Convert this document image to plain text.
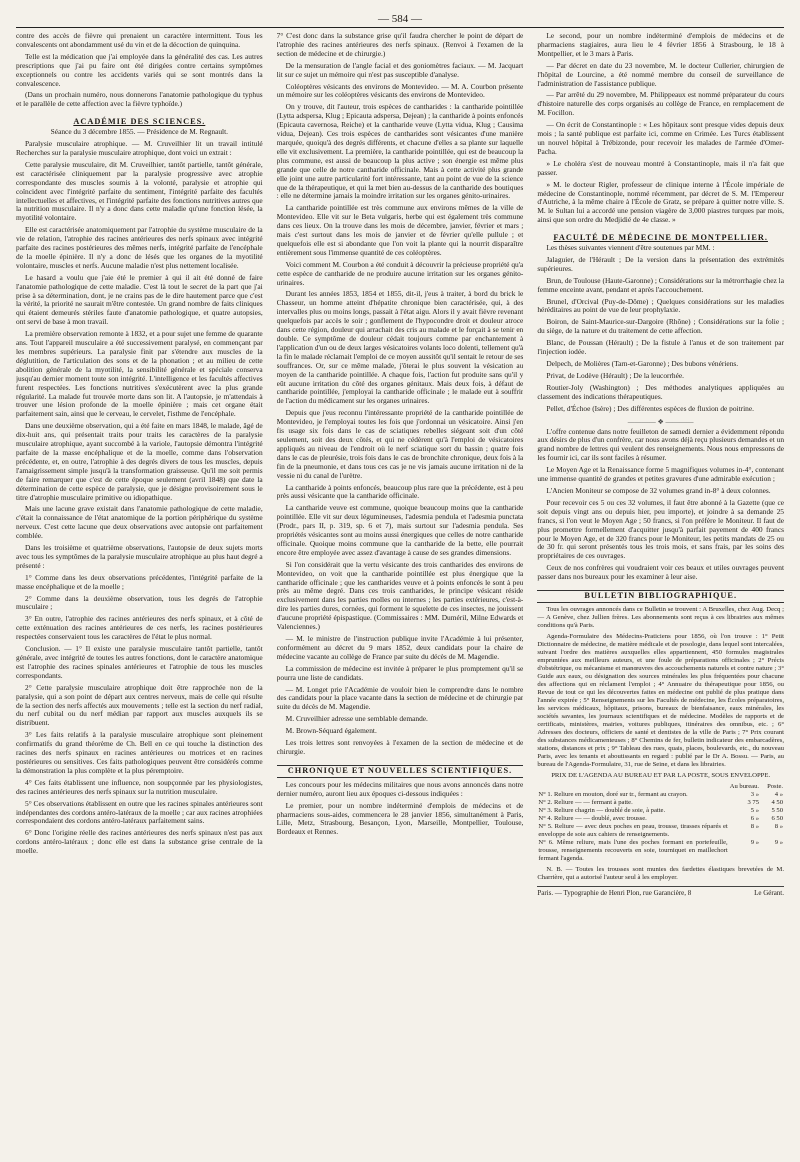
— 584 —

contre des accès de fièvre qui prenaient un caractère intermittent. Tous les convalescents ont abondamment usé du vin et de la décoction de quinquina.

Telle est la médication que j'ai employée dans la généralité des cas. Les autres prescriptions que j'ai pu faire ont été dirigées contre certains symptômes exceptionnels ou contre les accidents variés qui se sont montrés dans la convalescence.

(Dans un prochain numéro, nous donnerons l'anatomie pathologique du typhus et le parallèle de cette affection avec la fièvre typhoïde.)

ACADÉMIE DES SCIENCES.

Séance du 3 décembre 1855. — Présidence de M. Regnault.

Paralysie musculaire atrophique. — M. Cruveilhier lit un travail intitulé Recherches sur la paralysie musculaire atrophique, dont voici un extrait :

Cette paralysie musculaire, dit M. Cruveilhier, tantôt partielle, tantôt générale, est caractérisée cliniquement par la paralysie progressive avec atrophie correspondante des muscles soumis à la volonté, paralysie et atrophie qui coïncident avec l'intégrité parfaite du sentiment, l'intégrité parfaite des facultés intellectuelles et affectives, et l'intégrité parfaite des fonctions nutritives autres que la nutrition musculaire. Il n'y a donc dans cette maladie qu'une fonction lésée, la myotilité volontaire.

Elle est caractérisée anatomiquement par l'atrophie du système musculaire de la vie de relation, l'atrophie des racines antérieures des nerfs spinaux avec intégrité parfaite des racines postérieures des mêmes nerfs, intégrité parfaite de l'encéphale de la moelle épinière. Il n'y a donc de lésés que les organes de la myotilité volontaire, muscles et nerfs. Aucune maladie n'est plus nettement localisée.

Le hasard a voulu que j'aie été le premier à qui il ait été donné de faire l'anatomie pathologique de cette maladie. C'est là tout le secret de la part que j'ai prise à sa détermination, dont, je ne crains pas de le dire hautement parce que c'est la vérité, la priorité ne saurait m'être contestée. Un grand nombre de faits cliniques qui étaient demeurés stériles faute d'anatomie pathologique, et quatre autopsies, ont servi de base à mon travail.

La première observation remonte à 1832, et a pour sujet une femme de quarante ans. Tout l'appareil musculaire a été successivement paralysé, en commençant par les membres supérieurs. La paralysie finit par s'étendre aux muscles de la déglutition, de l'articulation des sons et de la phonation ; et au milieu de cette abolition générale de la myotilité, la sensibilité générale et spéciale conserva jusqu'au dernier moment toute son intégrité. L'intelligence et les facultés affectives furent respectées. Les fonctions nutritives s'exécutèrent avec la plus grande régularité. La malade fut trouvée morte dans son lit. A l'autopsie, je m'attendais à trouver une lésion profonde de la moelle épinière ; mais cet organe était parfaitement sain, ainsi que le cerveau, le cervelet, l'isthme de l'encéphale.

Dans une deuxième observation, qui a été faite en mars 1848, le malade, âgé de dix-huit ans, qui présentait traits pour traits les caractères de la paralysie musculaire atrophique, ayant succombé à la variole, l'autopsie démontra l'intégrité parfaite de la masse encéphalique et de la moelle, comme dans l'observation précédente, et, en outre, l'atrophie à des degrés divers de tous les muscles, depuis l'amaigrissement simple jusqu'à la transformation graisseuse. Qu'il me soit permis de faire remarquer que c'est de cette époque seulement (avril 1848) que date la détermination de cette espèce de paralysie, que je désigne provisoirement sous le titre d'atrophie musculaire primitive ou idiopathique.

Mais une lacune grave existait dans l'anatomie pathologique de cette maladie, c'était la connaissance de l'état anatomique de la portion périphérique du système nerveux. C'est cette lacune que deux observations avec autopsie ont parfaitement comblée.

Dans les troisième et quatrième observations, l'autopsie de deux sujets morts avec tous les symptômes de la paralysie musculaire atrophique au plus haut degré a présenté :

1° Comme dans les deux observations précédentes, l'intégrité parfaite de la masse encéphalique et de la moelle ;

2° Comme dans la deuxième observation, tous les degrés de l'atrophie musculaire ;

3° En outre, l'atrophie des racines antérieures des nerfs spinaux, et à côté de cette exténuation des racines antérieures de ces nerfs, les racines postérieures respectées conservaient tous les caractères de l'état le plus normal.

Conclusion. — 1° Il existe une paralysie musculaire tantôt partielle, tantôt générale, avec intégrité de toutes les autres fonctions, dont le caractère anatomique est l'atrophie des racines spinales antérieures et l'atrophie de tous les muscles correspondants.

2° Cette paralysie musculaire atrophique doit être rapprochée non de la paralysie, qui a son point de départ aux centres nerveux, mais de celle qui résulte de la section des nerfs affectés aux mouvements ; telle est la section du nerf radial, du nerf cubital ou du nerf médian par rapport aux muscles auxquels ils se distribuent.

3° Les faits relatifs à la paralysie musculaire atrophique sont pleinement confirmatifs du grand théorème de Ch. Bell en ce qui touche la distinction des racines des nerfs spinaux en racines antérieures ou motrices et en racines postérieures ou sensitives. Ces faits pathologiques peuvent être considérés comme la démonstration la plus complète et la plus péremptoire.

4° Ces faits établissent une influence, non soupçonnée par les physiologistes, des racines antérieures des nerfs spinaux sur la nutrition musculaire.

5° Ces observations établissent en outre que les racines spinales antérieures sont indépendantes des cordons antéro-latéraux de la moelle ; car aux racines atrophiées correspondaient des cordons antéro-latéraux parfaitement sains.

6° Donc l'origine réelle des racines antérieures des nerfs spinaux n'est pas aux cordons antéro-latéraux ; donc elle est dans la substance grise centrale de la moelle.

7° C'est donc dans la substance grise qu'il faudra chercher le point de départ de l'atrophie des racines antérieures des nerfs spinaux. (Renvoi à l'examen de la section de médecine et de chirurgie.)

De la mensuration de l'angle facial et des goniomètres faciaux. — M. Jacquart lit sur ce sujet un mémoire qui n'est pas susceptible d'analyse.

Coléoptères vésicants des environs de Montevideo. — M. A. Courbon présente un mémoire sur les coléoptères vésicants des environs de Montevideo.

On y trouve, dit l'auteur, trois espèces de cantharides : la cantharide pointillée (Lytta adspersa, Klug ; Epicauta adspersa, Dejean) ; la cantharide à points enfoncés (Epicauta cavernosa, Reiche) et la cantharide veuve (Lytta vidua, Klug ; Causima vidua, Dejean). Ces trois espèces de cantharides sont vésicantes d'une manière marquée, quoiqu'à des degrés différents, et chacune d'elles a sa plante sur laquelle elle vit exclusivement. La première, la cantharide pointillée, qui est de beaucoup la plus commune, est aussi de beaucoup la plus active ; son énergie est même plus grande que celle de notre cantharide officinale. Mais à cette activité plus grande elle joint une autre particularité fort intéressante, tant au point de vue de la science que de la thérapeutique, et qui la met bien au-dessus de la cantharide des boutiques : elle ne détermine jamais la moindre irritation sur les organes génito-urinaires.

La cantharide pointillée est très commune aux environs mêmes de la ville de Montevideo. Elle vit sur le Beta vulgaris, herbe qui est également très commune dans ces lieux. On la trouve dans les mois de décembre, janvier, février et mars ; mais c'est surtout dans les mois de janvier et de février qu'elle pullule ; et quelquefois elle est si abondante que l'on voit la plante qui la nourrit disparaître entièrement sous l'immense quantité de ces coléoptères.

Voici comment M. Courbon a été conduit à découvrir la précieuse propriété qu'a cette espèce de cantharide de ne produire aucune irritation sur les organes génito-urinaires.

Durant les années 1853, 1854 et 1855, dit-il, j'eus à traiter, à bord du brick le Chasseur, un homme atteint d'hépatite chronique bien caractérisée, qui, à des intervalles plus ou moins longs, passait à l'état aigu. Alors il y avait fièvre revenant quelquefois par accès le soir ; gonflement de l'hypocondre droit et douleur atroce dans cette région, douleur qui arrachait des cris au malade et le forçait à se tenir en double. Ce symptôme de douleur cédait toujours comme par enchantement à l'application d'un ou de deux larges vésicatoires volants loco dolenti, tellement qu'à la fin le malade réclamait l'emploi de ce moyen aussitôt qu'il sentait le retour de ses souffrances. Or, sur ce même malade, j'ôterai le plus souvent la vésication au moyen de la cantharide pointillée. A chaque fois, l'action fut produite sans qu'il y eût aucune irritation du côté des organes génitaux. Mais deux fois, à défaut de cantharide pointillée, j'employai la cantharide officinale ; le malade eut à souffrir de l'action du médicament sur les organes urinaires.

Depuis que j'eus reconnu l'intéressante propriété de la cantharide pointillée de Montevideo, je l'employai toutes les fois que j'ordonnai un vésicatoire. Ainsi j'en fis usage six fois dans le cas de sciatiques rebelles siégeant soit d'un côté seulement, soit des deux côtés, et qui ne cédèrent qu'à l'emploi de vésicatoires appliqués au niveau de l'endroit où le nerf sciatique sort du bassin ; quatre fois dans le cas de pleurésie, trois fois dans le cas de bronchite chronique, deux fois à la fin de la pneumonie, et dans tous ces cas je ne vis jamais aucune irritation ni de la vessie ni du canal de l'urètre.

La cantharide à points enfoncés, beaucoup plus rare que la précédente, est à peu près aussi vésicante que la cantharide officinale.

La cantharide veuve est commune, quoique beaucoup moins que la cantharide pointillée. Elle vit sur deux légumineuses, l'adesmia pendula et l'adesmia punctata (Prodr., pars II, p. 319, sp. 6 et 7), mais surtout sur l'adesmia pendula. Ses propriétés vésicantes sont au moins aussi énergiques que celles de notre cantharide officinale. Quoique moins commune que la cantharide de la bette, elle pourrait encore être employée avec assez d'avantage à cause de ses grandes dimensions.

Si l'on considérait que la vertu vésicante des trois cantharides des environs de Montevideo, on voit que la cantharide pointillée est plus énergique que la cantharide officinale ; que les cantharides veuve et à points enfoncés le sont à peu près au même degré. Dans ces trois cantharides, le principe vésicant réside exclusivement dans les parties molles ou internes ; les parties extérieures, c'est-à-dire les parties dures, cornées, qui forment le squelette de ces insectes, ne jouissent d'aucune propriété épispastique. (Commissaires : MM. Duméril, Milne Edwards et Valenciennes.)

— M. le ministre de l'instruction publique invite l'Académie à lui présenter, conformément au décret du 9 mars 1852, deux candidats pour la chaire de médecine vacante au collège de France par suite du décès de M. Magendie.

La commission de médecine est invitée à préparer le plus promptement qu'il se pourra une liste de candidats.

— M. Longet prie l'Académie de vouloir bien le comprendre dans le nombre des candidats pour la place vacante dans la section de médecine et de chirurgie par suite du décès de M. Magendie.

M. Cruveilhier adresse une semblable demande.

M. Brown-Séquard également.

Les trois lettres sont renvoyées à l'examen de la section de médecine et de chirurgie.

CHRONIQUE ET NOUVELLES SCIENTIFIQUES.

Les concours pour les médecins militaires que nous avons annoncés dans notre dernier numéro, auront lieu aux époques ci-dessous indiquées :

Le premier, pour un nombre indéterminé d'emplois de médecins et de pharmaciens sous-aides, commencera le 28 janvier 1856, simultanément à Paris, Lille, Metz, Strasbourg, Besançon, Lyon, Marseille, Montpellier, Toulouse, Bordeaux et Rennes.

Le second, pour un nombre indéterminé d'emplois de médecins et de pharmaciens stagiaires, aura lieu le 4 février 1856 à Strasbourg, le 18 à Montpellier, et le 3 mars à Paris.

— Par décret en date du 23 novembre, M. le docteur Cullerier, chirurgien de l'hôpital de Lourcine, a été nommé membre du conseil de surveillance de l'administration de l'assistance publique.

— Par arrêté du 29 novembre, M. Philippeaux est nommé préparateur du cours d'histoire naturelle des corps organisés au collège de France, en remplacement de M. Focillon.

— On écrit de Constantinople : « Les hôpitaux sont presque vides depuis deux mois ; la santé publique est parfaite ici, comme en Crimée. Les Turcs établissent un nouvel hôpital à Trébizonde, pour recevoir les malades de l'armée d'Omer-Pacha.

» Le choléra s'est de nouveau montré à Constantinople, mais il n'a fait que passer.

» M. le docteur Rigler, professeur de clinique interne à l'École impériale de médecine de Constantinople, nommé récemment, par décret de S. M. l'Empereur d'Autriche, à la même chaire à l'École de Gratz, se prépare à quitter notre ville. S. M. le Sultan lui a accordé une pension viagère de 3,000 piastres turques par mois, ainsi que son ordre du Medjidié de 4e classe. »

FACULTÉ DE MÉDECINE DE MONTPELLIER.

Les thèses suivantes viennent d'être soutenues par MM. :

Jalaguier, de l'Hérault ; De la version dans la présentation des extrémités supérieures.

Brun, de Toulouse (Haute-Garonne) ; Considérations sur la métrorrhagie chez la femme enceinte avant, pendant et après l'accouchement.

Brunel, d'Orcival (Puy-de-Dôme) ; Quelques considérations sur les maladies héréditaires au point de vue de leur prophylaxie.

Boiron, de Saint-Maurice-sur-Dargoire (Rhône) ; Considérations sur la folie ; du siège, de la nature et du traitement de cette affection.

Blanc, de Poussan (Hérault) ; De la fistule à l'anus et de son traitement par l'injection iodée.

Delpech, de Molières (Tarn-et-Garonne) ; Des bubons vénériens.

Privat, de Lodève (Hérault) ; De la leucorrhée.

Routier-Joly (Washington) ; Des méthodes analytiques appliquées au classement des indications thérapeutiques.

Pellet, d'Échoe (Isère) ; Des différentes espèces de fluxion de poitrine.

———— ❖ ————

L'offre contenue dans notre feuilleton de samedi dernier a évidemment répondu aux désirs de plus d'un confrère, car nous avons déjà reçu plusieurs demandes et un grand nombre de lettres qui veulent des renseignements. Nous nous empressons de les fournir ici, car ils sont faciles à résumer.

Le Moyen Age et la Renaissance forme 5 magnifiques volumes in-4°, contenant une immense quantité de grandes et petites gravures d'une admirable exécution ;

L'Ancien Moniteur se compose de 32 volumes grand in-8° à deux colonnes.

Pour recevoir ces 5 ou ces 32 volumes, il faut être abonné à la Gazette (que ce soit depuis vingt ans ou depuis hier, peu importe), et joindre à sa demande 25 francs, si l'on veut le Moyen Age ; 50 francs, si l'on préfère le Moniteur. Il faut de plus promettre formellement d'acquitter jusqu'à parfait payement de 400 francs pour le Moyen Age, et de 320 francs pour le Moniteur, les petits mandats de 25 ou de 30 fr. qui seront présentés tous les trois mois, et sans frais, par les soins des propriétaires de ces ouvrages.

Ceux de nos confrères qui voudraient voir ces beaux et utiles ouvrages peuvent passer dans nos bureaux pour les examiner à leur aise.

BULLETIN BIBLIOGRAPHIQUE.

Tous les ouvrages annoncés dans ce Bulletin se trouvent : A Bruxelles, chez Aug. Decq ; — A Genève, chez Jullien frères. Les abonnements sont reçus à ces librairies aux mêmes conditions qu'à Paris.

Agenda-Formulaire des Médecins-Praticiens pour 1856, où l'on trouve : 1° Petit Dictionnaire de médecine, de matière médicale et de posologie, dans lequel sont intercalées, suivant l'ordre des matières auxquelles elles appartiennent, 450 formules magistrales empruntées aux meilleurs auteurs, et une foule de préparations officinales ; 2° Précis d'obstétrique, ou mécanisme et manœuvres des accouchements naturels et contre nature ; 3° Guide aux eaux, ou désignation des sources minérales les plus fréquentées pour chacune des affections qui en réclament l'emploi ; 4° Annuaire du thérapeutique pour 1856, ou Revue de tout ce qui les découvertes faites en médecine ont publié de plus pratique dans l'année expirée ; 5° Renseignements sur les Facultés de médecine, les Écoles préparatoires, les services médicaux, hôpitaux, prisons, bureaux de bienfaisance, eaux minérales, les sociétés savantes, les journaux scientifiques et de médecine. Modèles de rapports et de certificats, ministères, mairies, voitures publiques, itinéraires des omnibus, etc. ; 6° Adresses des docteurs, officiers de santé et dentistes de la ville de Paris ; 7° Prix courant des substances médicamenteuses ; 8° Chemins de fer, bulletin indicateur des embarcadères, stations, distances et prix ; 9° Tableau des rues, quais, places, boulevards, etc., du nouveau Paris, avec les tenants et aboutissants en regard : publié par le Dr A. Bossu. — Paris, au bureau de l'Agenda-Formulaire, 31, rue de Seine, et dans les librairies.

PRIX DE L'AGENDA AU BUREAU ET PAR LA POSTE, SOUS ENVELOPPE.

	Au bureau.	Poste.
N° 1. Reliure en mouton, doré sur tr., fermant au crayon.	3 »	4 »
N° 2. Reliure — — fermant à patte.	3 75	4 50
N° 3. Reliure chagrin — doublé de soie, à patte.	5 »	5 50
N° 4. Reliure — — doublé, avec trousse.	6 »	6 50
N° 5. Reliure — avec deux poches en peau, trousse, tirasses réparés et enveloppe de soie aux cahiers de renseignements.	8 »	8 »
N° 6. Même reliure, mais l'une des poches formant en portefeuille, trousse, renseignements recouverts en soie, tourniquet en maillechort fermant l'agenda.	9 »	9 »

N. B. — Toutes les trousses sont munies des fardettes élastiques brevetées de M. Charrière, qui a autorisé l'auteur seul à les employer.

Paris. — Typographie de Henri Plon, rue Garancière, 8	Le Gérant.
